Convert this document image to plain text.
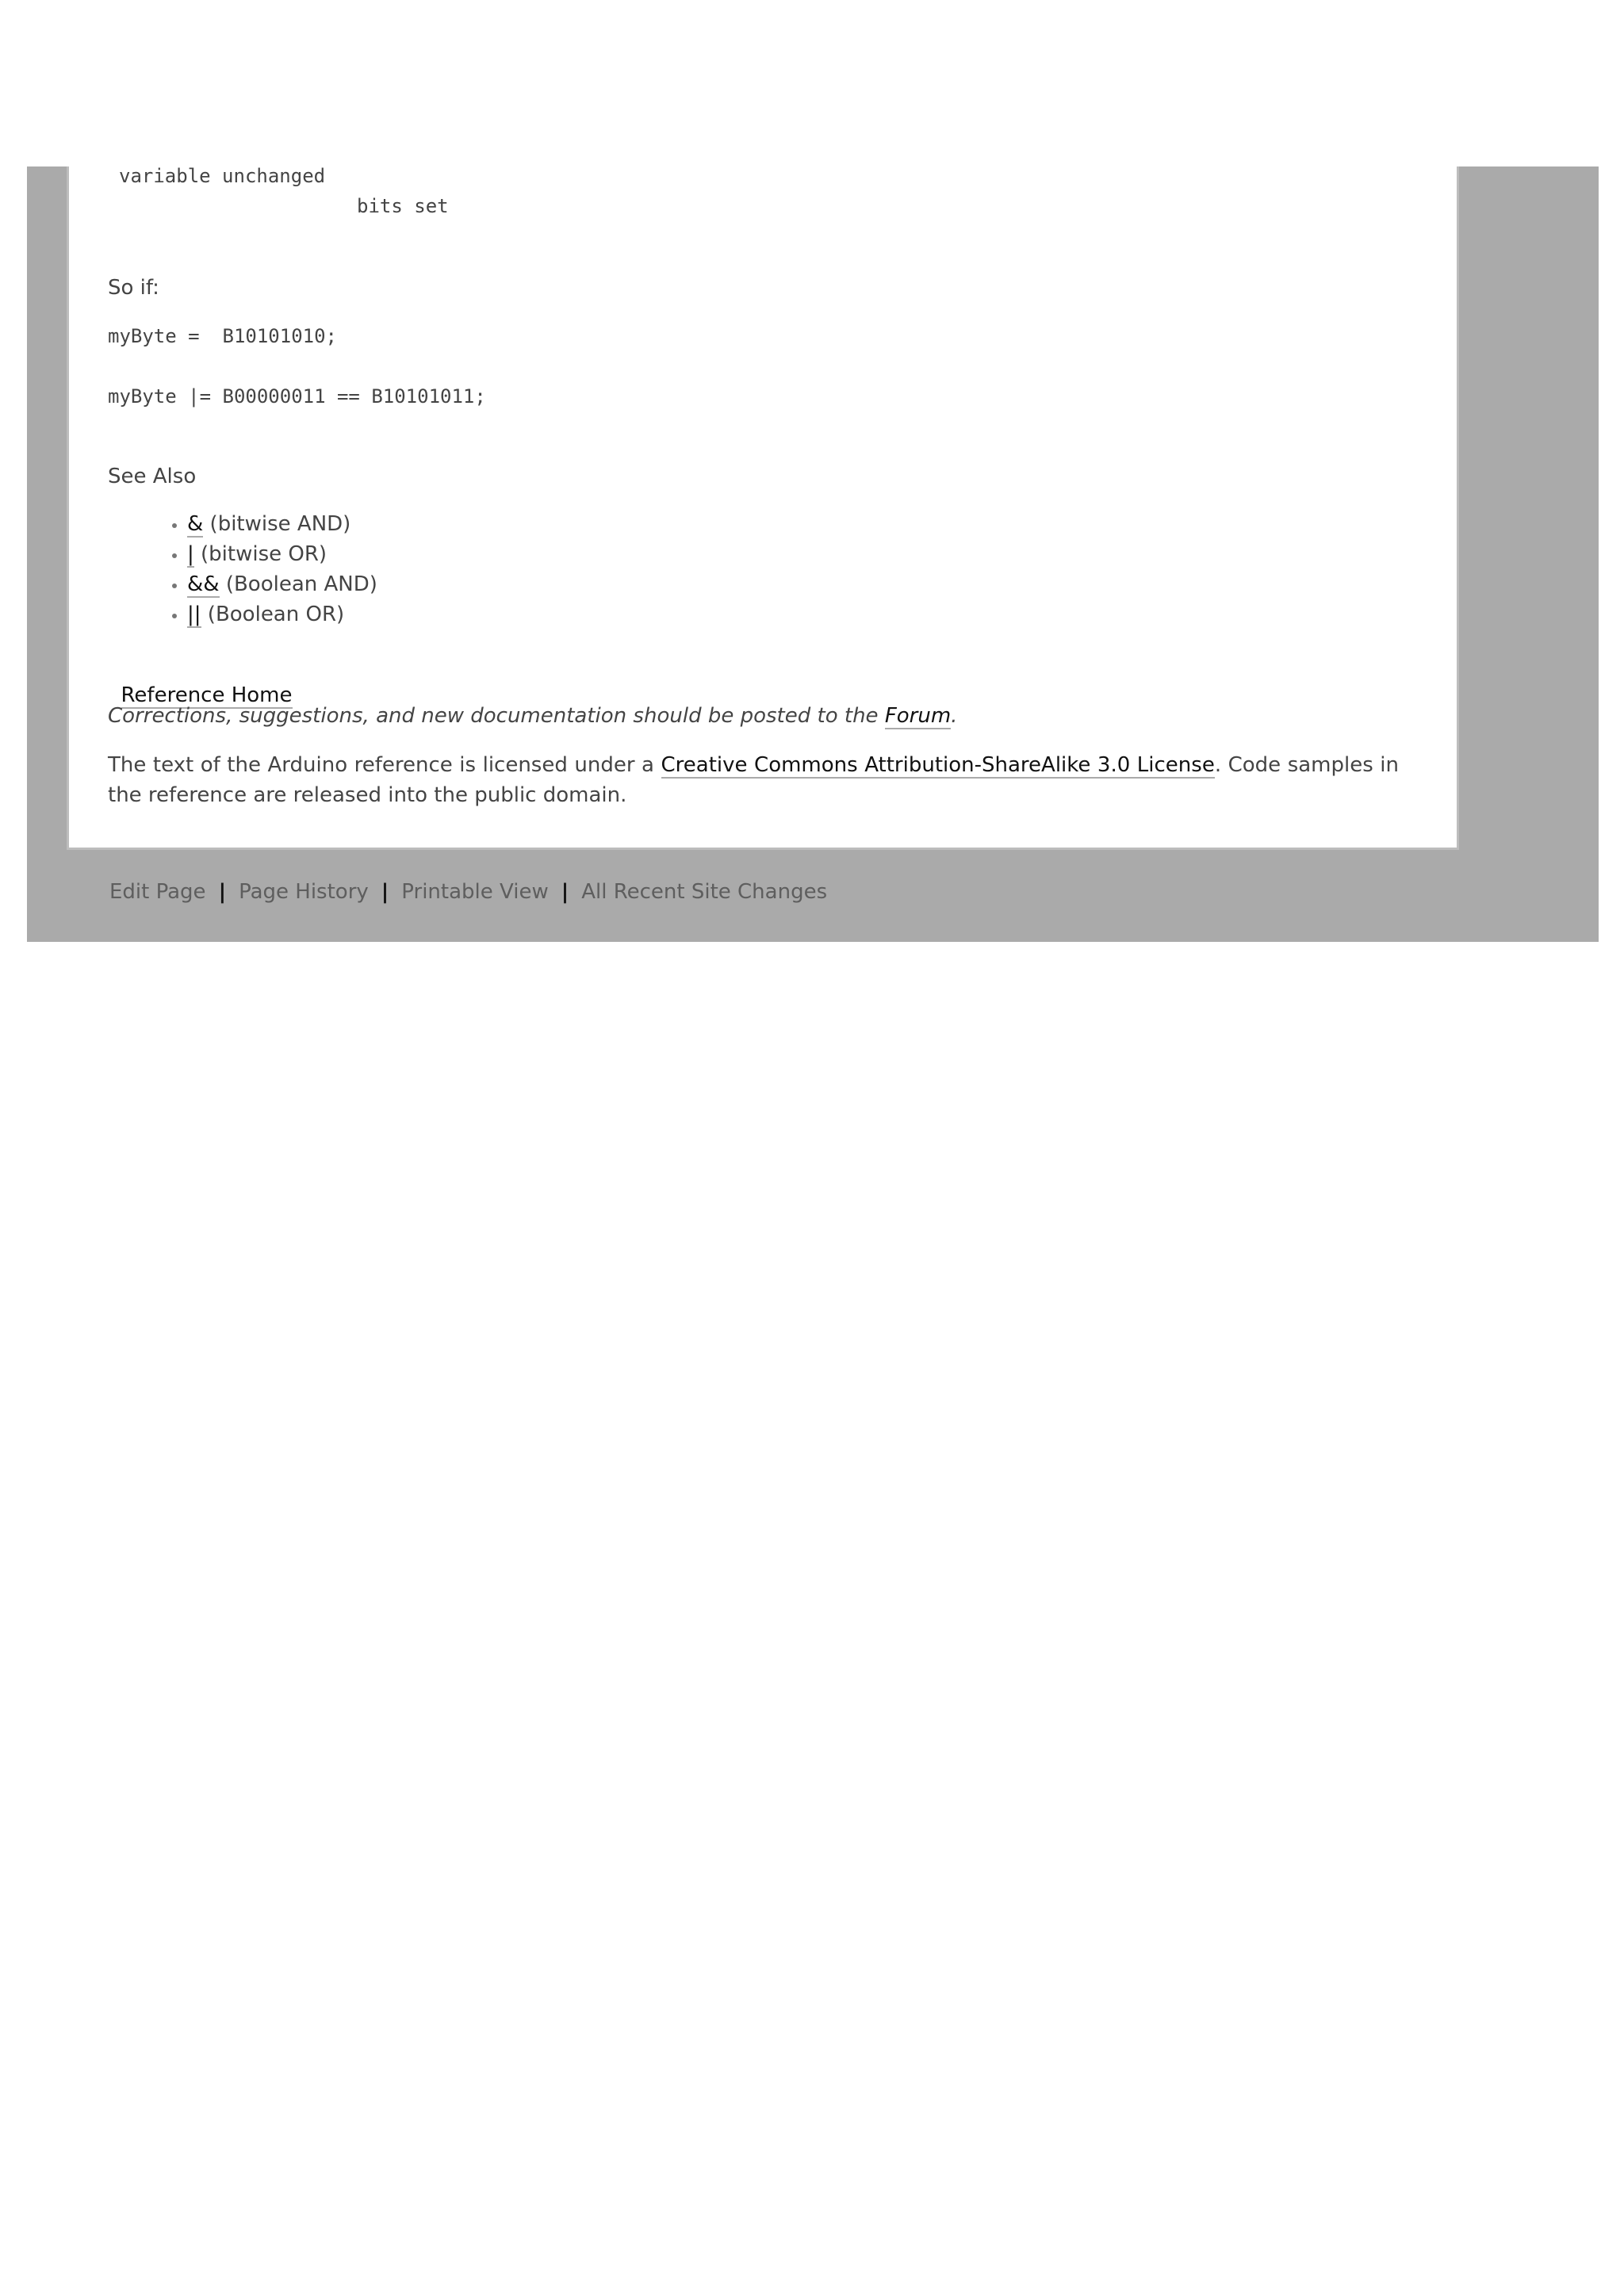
variable unchanged
bits set
So if:
myByte =  B10101010;
myByte |= B00000011 == B10101011;
See Also
• & (bitwise AND)
• | (bitwise OR)
• && (Boolean AND)
• || (Boolean OR)

Reference Home

Corrections, suggestions, and new documentation should be posted to the Forum.
The text of the Arduino reference is licensed under a Creative Commons Attribution-ShareAlike 3.0 License. Code samples in the reference are released into the public domain.
Edit Page | Page History | Printable View | All Recent Site Changes
